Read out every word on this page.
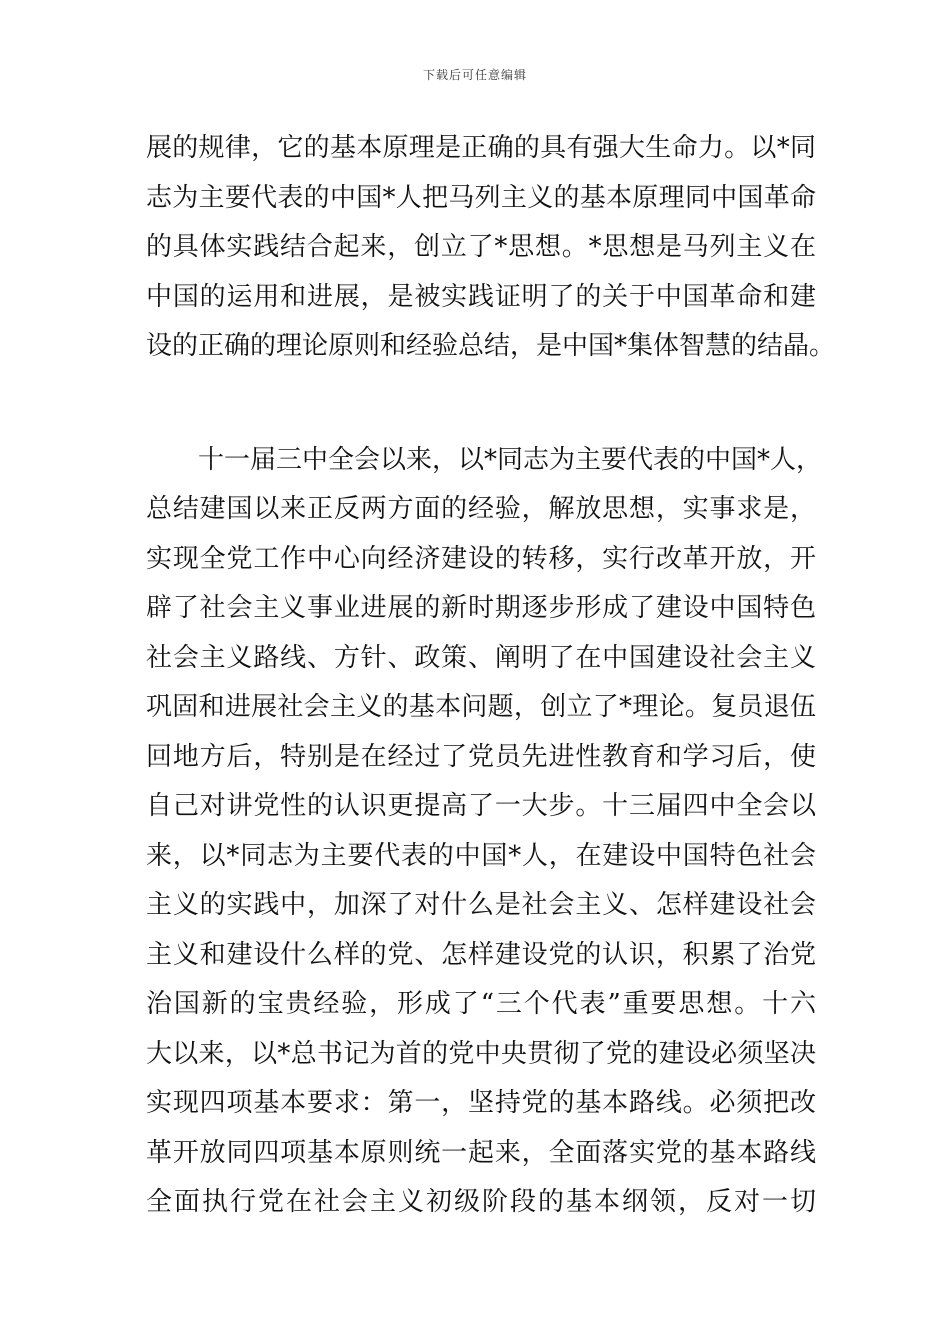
下载后可任意编辑
展的规律，它的基本原理是正确的具有强大生命力。以*同
志为主要代表的中国*人把马列主义的基本原理同中国革命
的具体实践结合起来，创立了*思想。*思想是马列主义在
中国的运用和进展，是被实践证明了的关于中国革命和建
设的正确的理论原则和经验总结，是中国*集体智慧的结晶。
十一届三中全会以来，以*同志为主要代表的中国*人，
总结建国以来正反两方面的经验，解放思想，实事求是，
实现全党工作中心向经济建设的转移，实行改革开放，开
辟了社会主义事业进展的新时期逐步形成了建设中国特色
社会主义路线、方针、政策、阐明了在中国建设社会主义
巩固和进展社会主义的基本问题，创立了*理论。复员退伍
回地方后，特别是在经过了党员先进性教育和学习后，使
自己对讲党性的认识更提高了一大步。十三届四中全会以
来，以*同志为主要代表的中国*人，在建设中国特色社会
主义的实践中，加深了对什么是社会主义、怎样建设社会
主义和建设什么样的党、怎样建设党的认识，积累了治党
治国新的宝贵经验，形成了“三个代表”重要思想。十六
大以来，以*总书记为首的党中央贯彻了党的建设必须坚决
实现四项基本要求：第一，坚持党的基本路线。必须把改
革开放同四项基本原则统一起来，全面落实党的基本路线
全面执行党在社会主义初级阶段的基本纲领，反对一切
